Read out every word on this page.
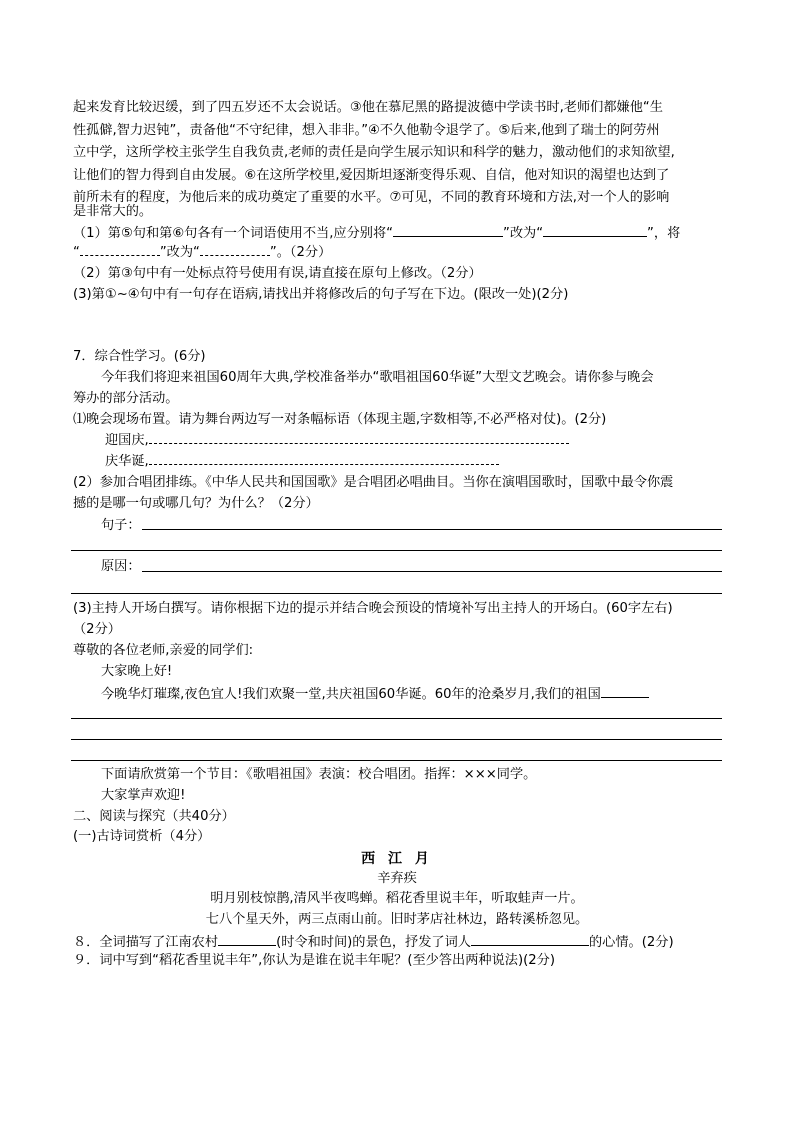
起来发育比较迟缓，到了四五岁还不太会说话。③他在慕尼黑的路提波德中学读书时,老师们都嫌他“生
性孤僻,智力迟钝”，责备他“不守纪律，想入非非。”④不久他勒令退学了。⑤后来,他到了瑞士的阿劳州
立中学，这所学校主张学生自我负责,老师的责任是向学生展示知识和科学的魅力，激动他们的求知欲望,
让他们的智力得到自由发展。⑥在这所学校里,爱因斯坦逐渐变得乐观、自信，他对知识的渴望也达到了
前所未有的程度，为他后来的成功奠定了重要的水平。⑦可见，不同的教育环境和方法,对一个人的影响
是非常大的。
（1）第⑤句和第⑥句各有一个词语使用不当,应分别将“	”改为“	”，将
“	”改为“	”。（2分）
（2）第③句中有一处标点符号使用有误,请直接在原句上修改。（2分）
(3)第①~④句中有一句存在语病,请找出并将修改后的句子写在下边。(限改一处)(2分)
7．综合性学习。(6分)
今年我们将迎来祖国60周年大典,学校准备举办“歌唱祖国60华诞”大型文艺晚会。请你参与晚会
筹办的部分活动。
⑴晚会现场布置。请为舞台两边写一对条幅标语（体现主题,字数相等,不必严格对仗)。(2分)
迎国庆,
庆华诞,
(2）参加合唱团排练。《中华人民共和国国歌》是合唱团必唱曲目。当你在演唱国歌时，国歌中最令你震
撼的是哪一句或哪几句？为什么？（2分）
句子：
原因：
(3)主持人开场白撰写。请你根据下边的提示并结合晚会预设的情境补写出主持人的开场白。(60字左右)
（2分）
尊敬的各位老师,亲爱的同学们:
大家晚上好!
今晚华灯璀璨,夜色宜人!我们欢聚一堂,共庆祖国60华诞。60年的沧桑岁月,我们的祖国
下面请欣赏第一个节目：《歌唱祖国》表演：校合唱团。指挥：×××同学。
大家掌声欢迎!
二、阅读与探究（共40分）
(一)古诗词赏析（4分）
西 江 月
辛弃疾
明月别枝惊鹊,清风半夜鸣蝉。稻花香里说丰年，听取蛙声一片。
七八个星天外，两三点雨山前。旧时茅店社林边，路转溪桥忽见。
８．全词描写了江南农村	(时令和时间)的景色，抒发了词人	的心情。(2分)
９．词中写到“稻花香里说丰年”,你认为是谁在说丰年呢？(至少答出两种说法)(2分)
